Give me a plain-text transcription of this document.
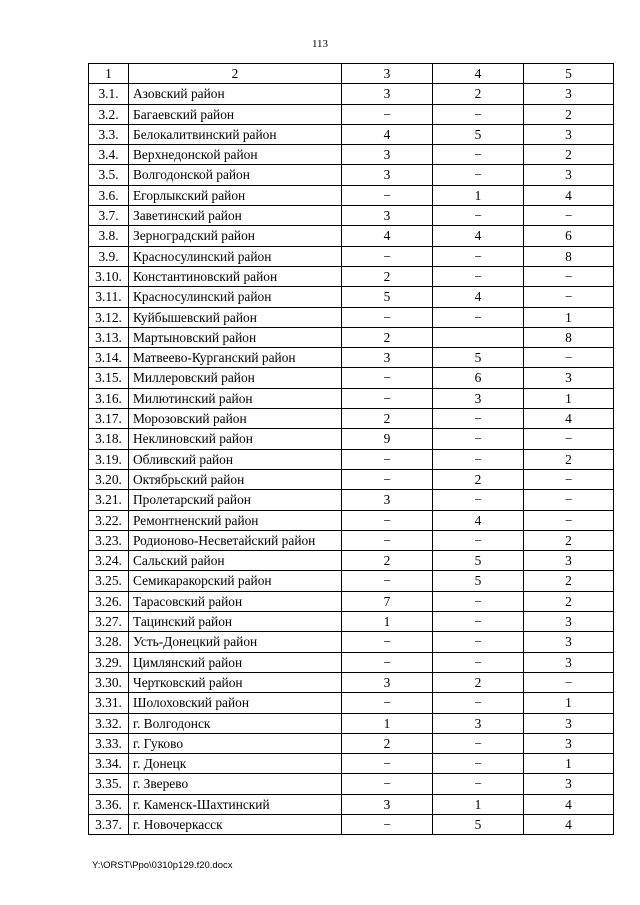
113
1	2	3	4	5
3.1.	Азовский район	3	2	3
3.2.	Багаевский район	−	−	2
3.3.	Белокалитвинский район	4	5	3
3.4.	Верхнедонской район	3	−	2
3.5.	Волгодонской район	3	−	3
3.6.	Егорлыкский район	−	1	4
3.7.	Заветинский район	3	−	−
3.8.	Зерноградский район	4	4	6
3.9.	Красносулинский район	−	−	8
3.10.	Константиновский район	2	−	−
3.11.	Красносулинский район	5	4	−
3.12.	Куйбышевский район	−	−	1
3.13.	Мартыновский район	2		8
3.14.	Матвеево-Курганский район	3	5	−
3.15.	Миллеровский район	−	6	3
3.16.	Милютинский район	−	3	1
3.17.	Морозовский район	2	−	4
3.18.	Неклиновский район	9	−	−
3.19.	Обливский район	−	−	2
3.20.	Октябрьский район	−	2	−
3.21.	Пролетарский район	3	−	−
3.22.	Ремонтненский район	−	4	−
3.23.	Родионово-Несветайский район	−	−	2
3.24.	Сальский район	2	5	3
3.25.	Семикаракорский район	−	5	2
3.26.	Тарасовский район	7	−	2
3.27.	Тацинский район	1	−	3
3.28.	Усть-Донецкий район	−	−	3
3.29.	Цимлянский район	−	−	3
3.30.	Чертковский район	3	2	−
3.31.	Шолоховский район	−	−	1
3.32.	г. Волгодонск	1	3	3
3.33.	г. Гуково	2	−	3
3.34.	г. Донецк	−	−	1
3.35.	г. Зверево	−	−	3
3.36.	г. Каменск-Шахтинский	3	1	4
3.37.	г. Новочеркасск	−	5	4
Y:\ORST\Ppo\0310p129.f20.docx
